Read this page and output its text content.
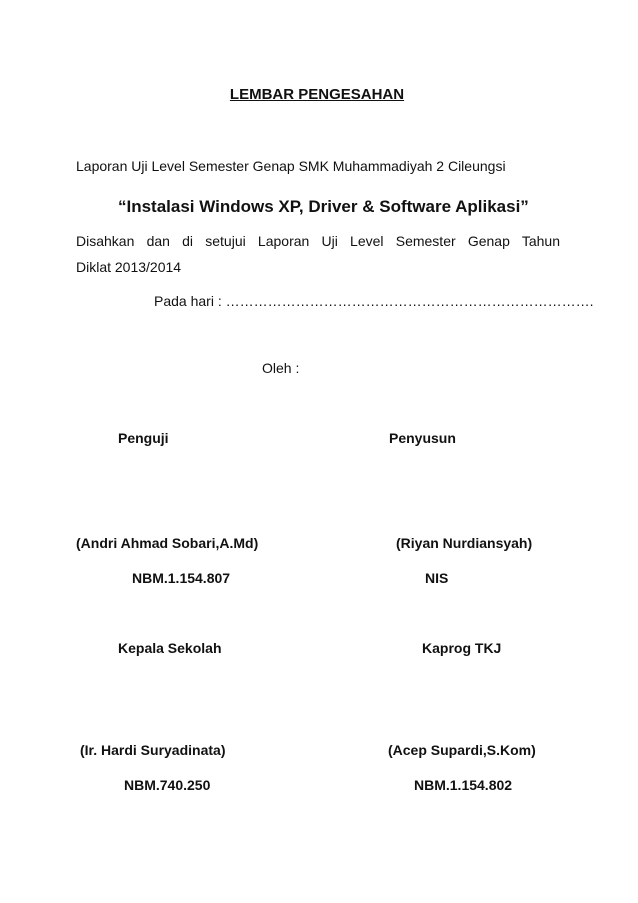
LEMBAR PENGESAHAN
Laporan Uji Level Semester Genap SMK Muhammadiyah 2 Cileungsi
“Instalasi Windows XP, Driver & Software Aplikasi”
Disahkan dan di setujui Laporan Uji Level Semester Genap Tahun
Diklat 2013/2014
Pada hari : …………………………………………………………………….
Oleh :
Penguji	Penyusun
(Andri Ahmad Sobari,A.Md)	(Riyan Nurdiansyah)
NBM.1.154.807	NIS
Kepala Sekolah	Kaprog TKJ
(Ir. Hardi Suryadinata)	(Acep Supardi,S.Kom)
NBM.740.250	NBM.1.154.802
